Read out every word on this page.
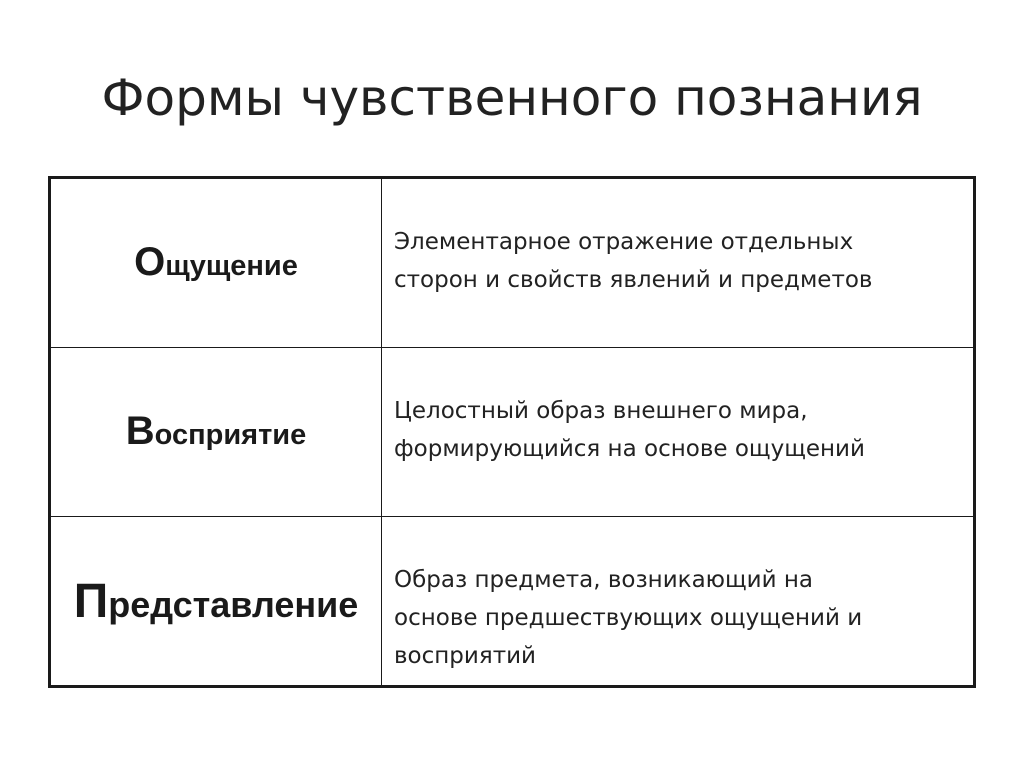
Формы чувственного познания
Ощущение	Элементарное отражение отдельных
сторон и свойств явлений и предметов

Восприятие	Целостный образ внешнего мира,
формирующийся на основе ощущений

Представление	Образ предмета, возникающий на
основе предшествующих ощущений и
восприятий
